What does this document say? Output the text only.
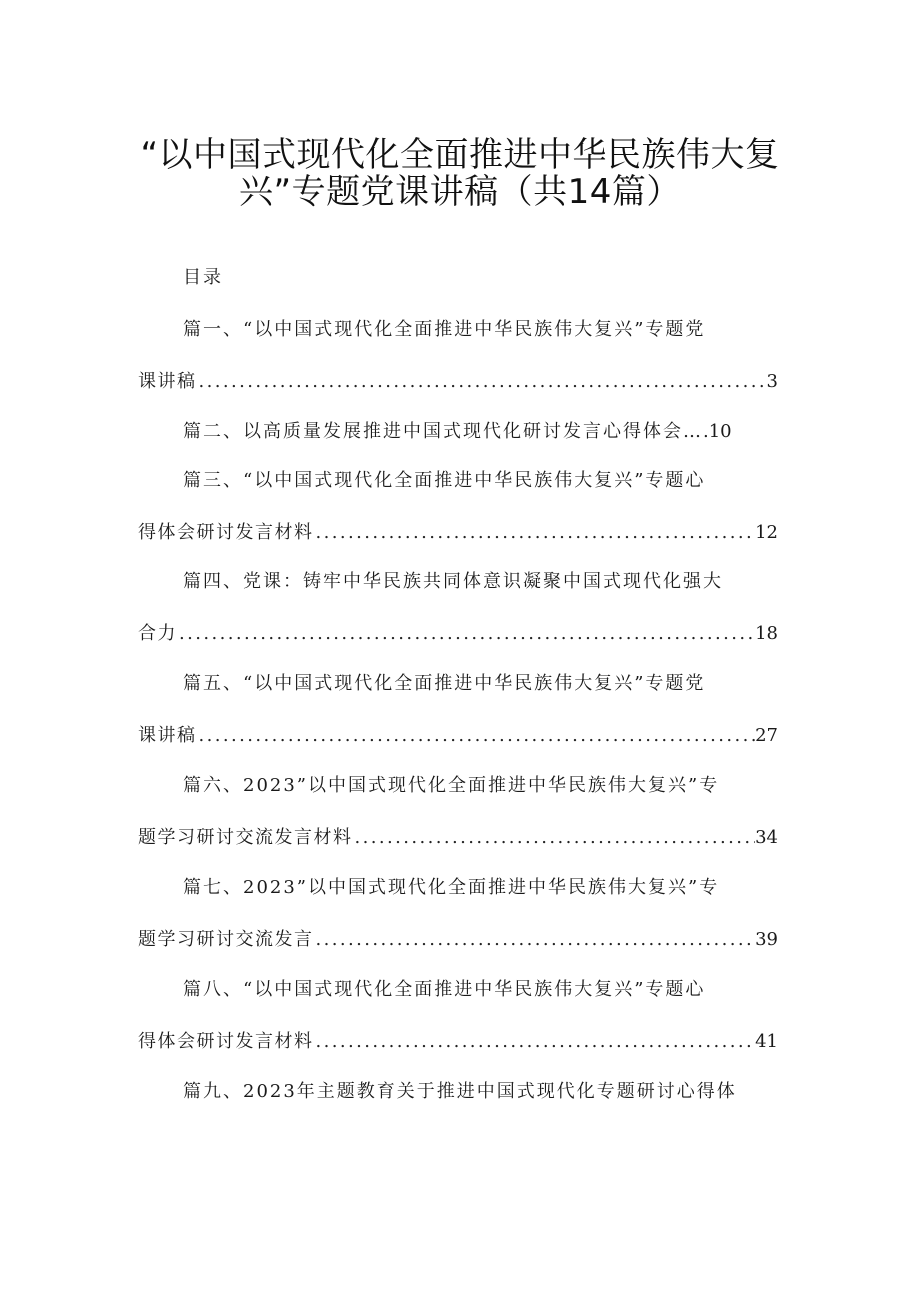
“以中国式现代化全面推进中华民族伟大复
兴”专题党课讲稿（共14篇）
目录
篇一、“以中国式现代化全面推进中华民族伟大复兴”专题党
课讲稿 .....	3
篇二、以高质量发展推进中国式现代化研讨发言心得体会 … .10
篇三、“以中国式现代化全面推进中华民族伟大复兴”专题心
得体会研讨发言材料 .....	12
篇四、党课：铸牢中华民族共同体意识凝聚中国式现代化强大
合力 .....	18
篇五、“以中国式现代化全面推进中华民族伟大复兴”专题党
课讲稿 .....	27
篇六、2023”以中国式现代化全面推进中华民族伟大复兴”专
题学习研讨交流发言材料 .....	34
篇七、2023”以中国式现代化全面推进中华民族伟大复兴”专
题学习研讨交流发言 .....	39
篇八、“以中国式现代化全面推进中华民族伟大复兴”专题心
得体会研讨发言材料 .....	41
篇九、2023年主题教育关于推进中国式现代化专题研讨心得体
